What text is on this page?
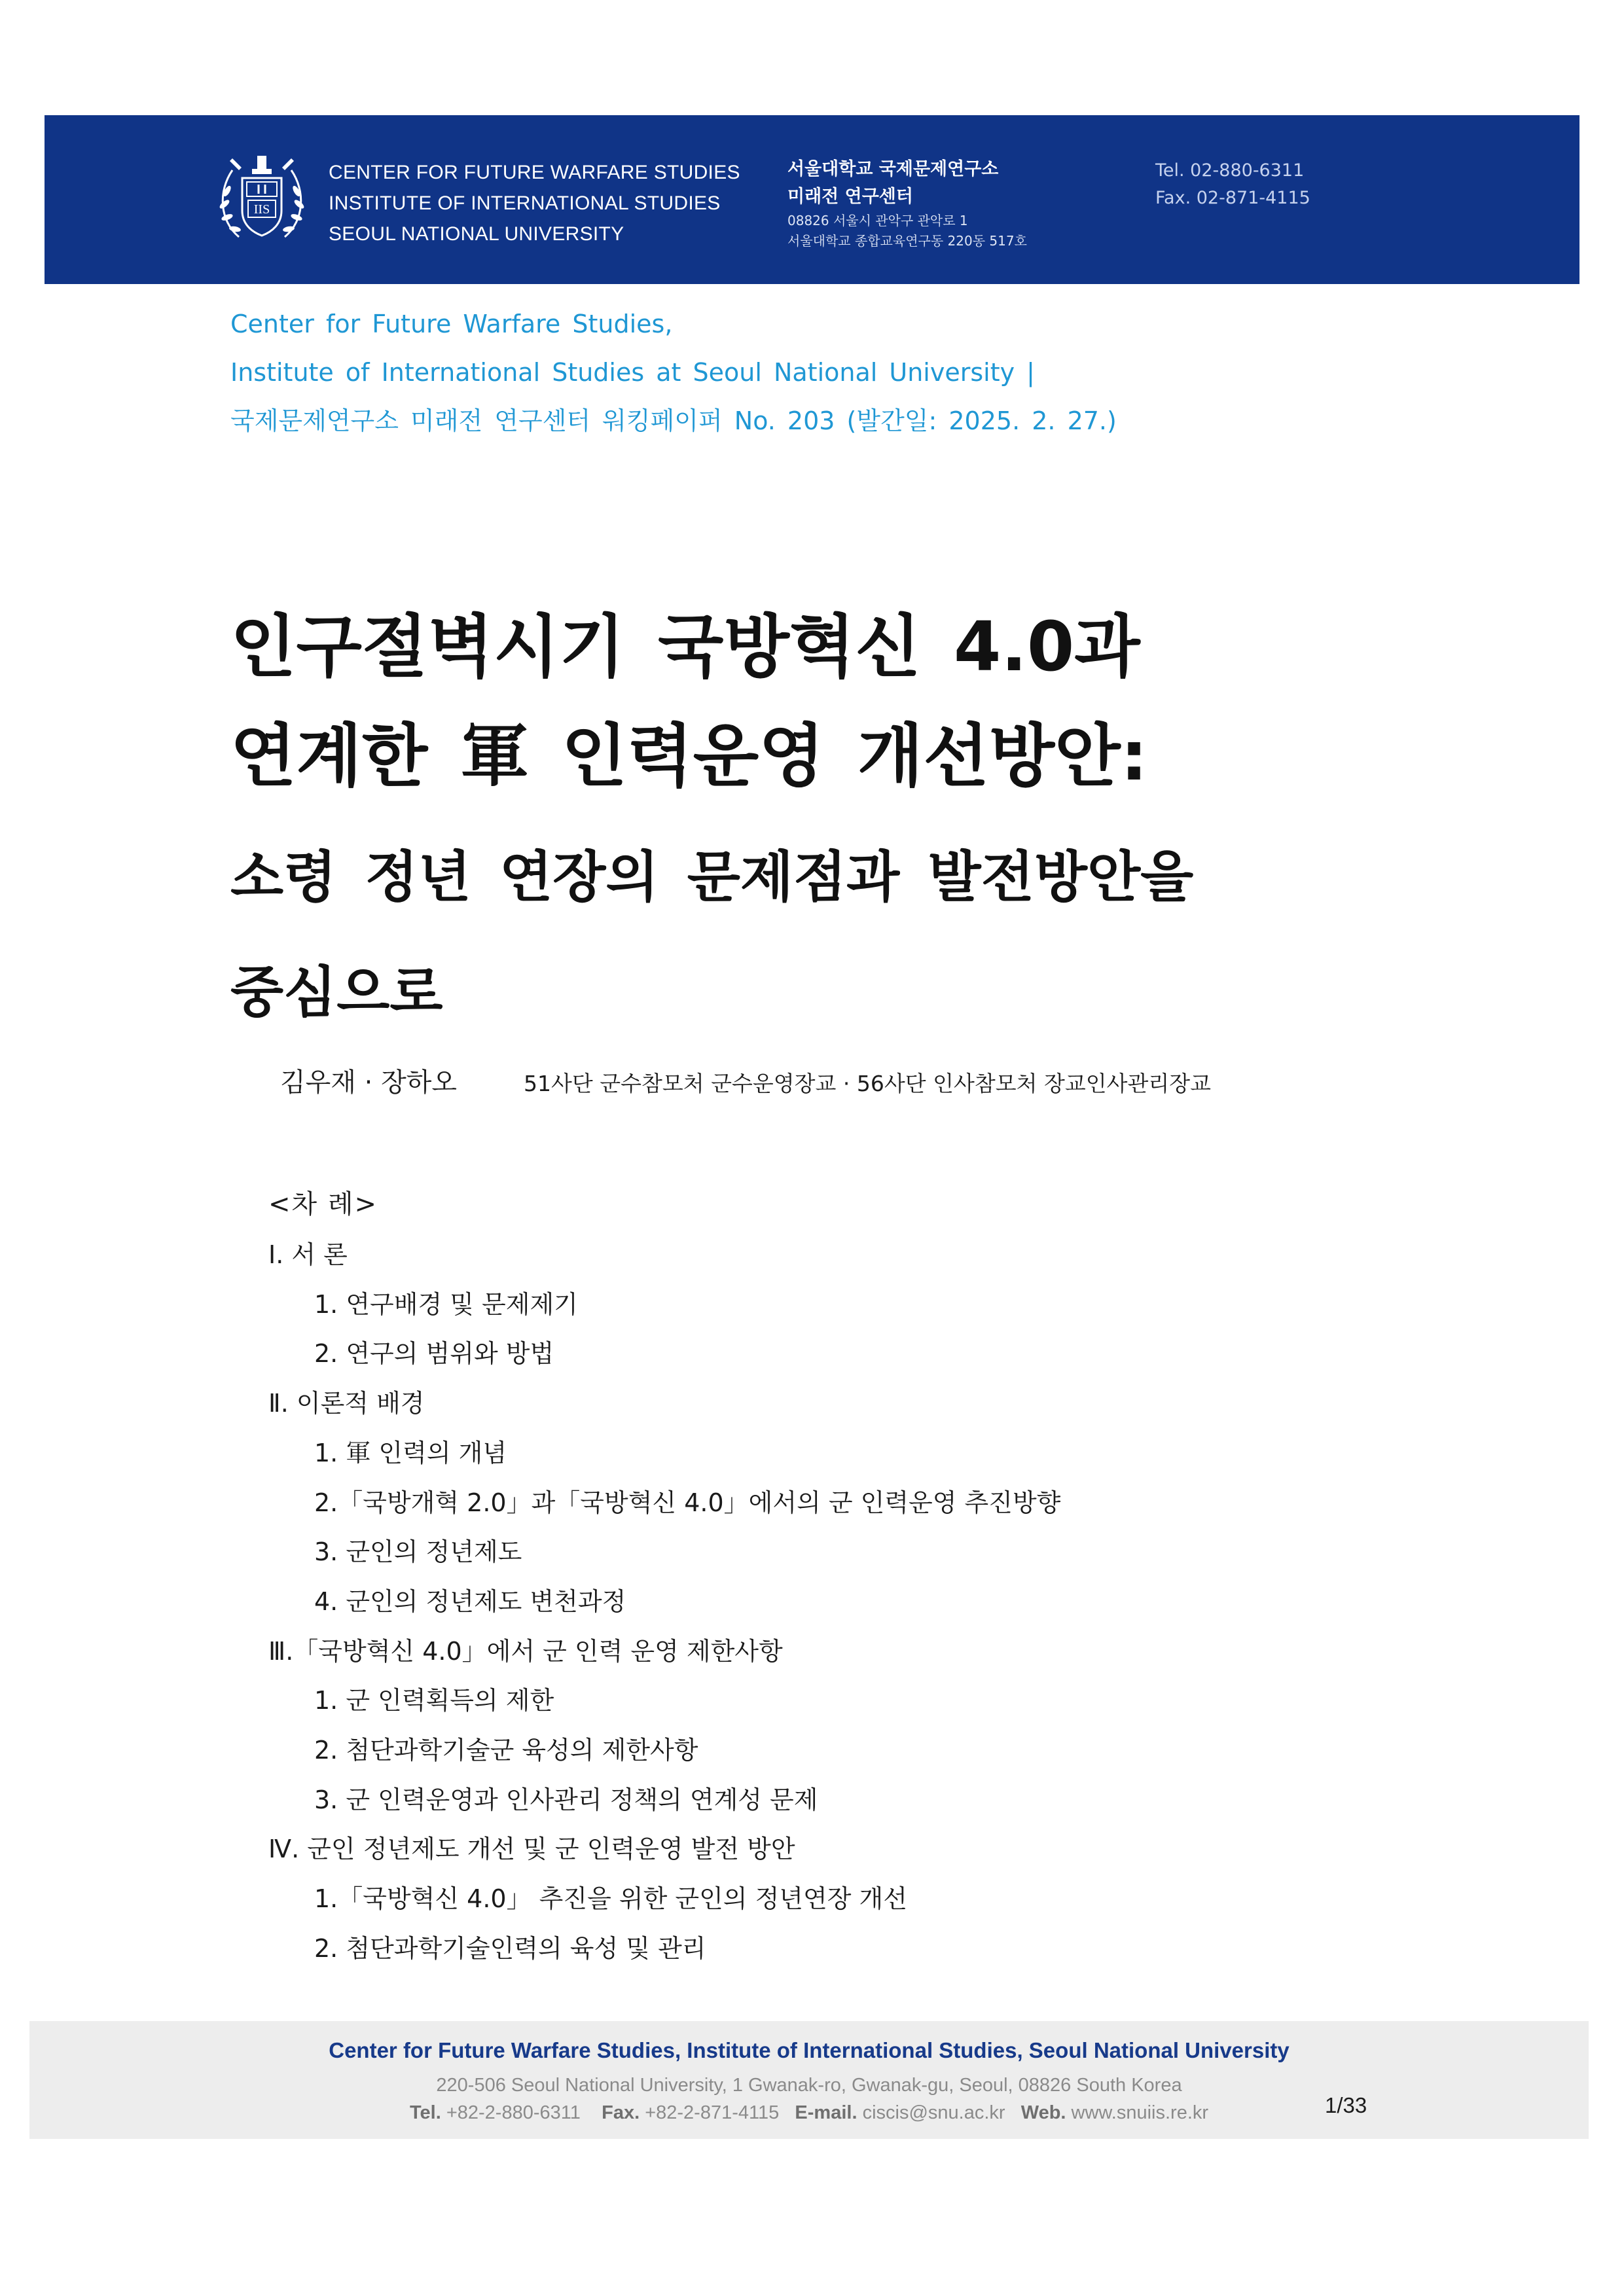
IIS
CENTER FOR FUTURE WARFARE STUDIES
INSTITUTE OF INTERNATIONAL STUDIES
SEOUL NATIONAL UNIVERSITY
서울대학교 국제문제연구소
미래전 연구센터
08826 서울시 관악구 관악로 1
서울대학교 종합교육연구동 220동 517호
Tel. 02-880-6311
Fax. 02-871-4115
Center for Future Warfare Studies,
Institute of International Studies at Seoul National University |
국제문제연구소 미래전 연구센터 워킹페이퍼 No. 203 (발간일: 2025. 2. 27.)
인구절벽시기 국방혁신 4.0과
연계한 軍 인력운영 개선방안:
소령 정년 연장의 문제점과 발전방안을
중심으로
김우재 · 장하오	51사단 군수참모처 군수운영장교 · 56사단 인사참모처 장교인사관리장교
<차 례>
Ⅰ. 서 론
1. 연구배경 및 문제제기
2. 연구의 범위와 방법
Ⅱ. 이론적 배경
1. 軍 인력의 개념
2.「국방개혁 2.0」과「국방혁신 4.0」에서의 군 인력운영 추진방향
3. 군인의 정년제도
4. 군인의 정년제도 변천과정
Ⅲ.「국방혁신 4.0」에서 군 인력 운영 제한사항
1. 군 인력획득의 제한
2. 첨단과학기술군 육성의 제한사항
3. 군 인력운영과 인사관리 정책의 연계성 문제
Ⅳ. 군인 정년제도 개선 및 군 인력운영 발전 방안
1.「국방혁신 4.0」 추진을 위한 군인의 정년연장 개선
2. 첨단과학기술인력의 육성 및 관리
Center for Future Warfare Studies, Institute of International Studies, Seoul National University
220-506 Seoul National University, 1 Gwanak-ro, Gwanak-gu, Seoul, 08826 South Korea
Tel. +82-2-880-6311 Fax. +82-2-871-4115 E-mail. ciscis@snu.ac.kr Web. www.snuiis.re.kr	1/33
